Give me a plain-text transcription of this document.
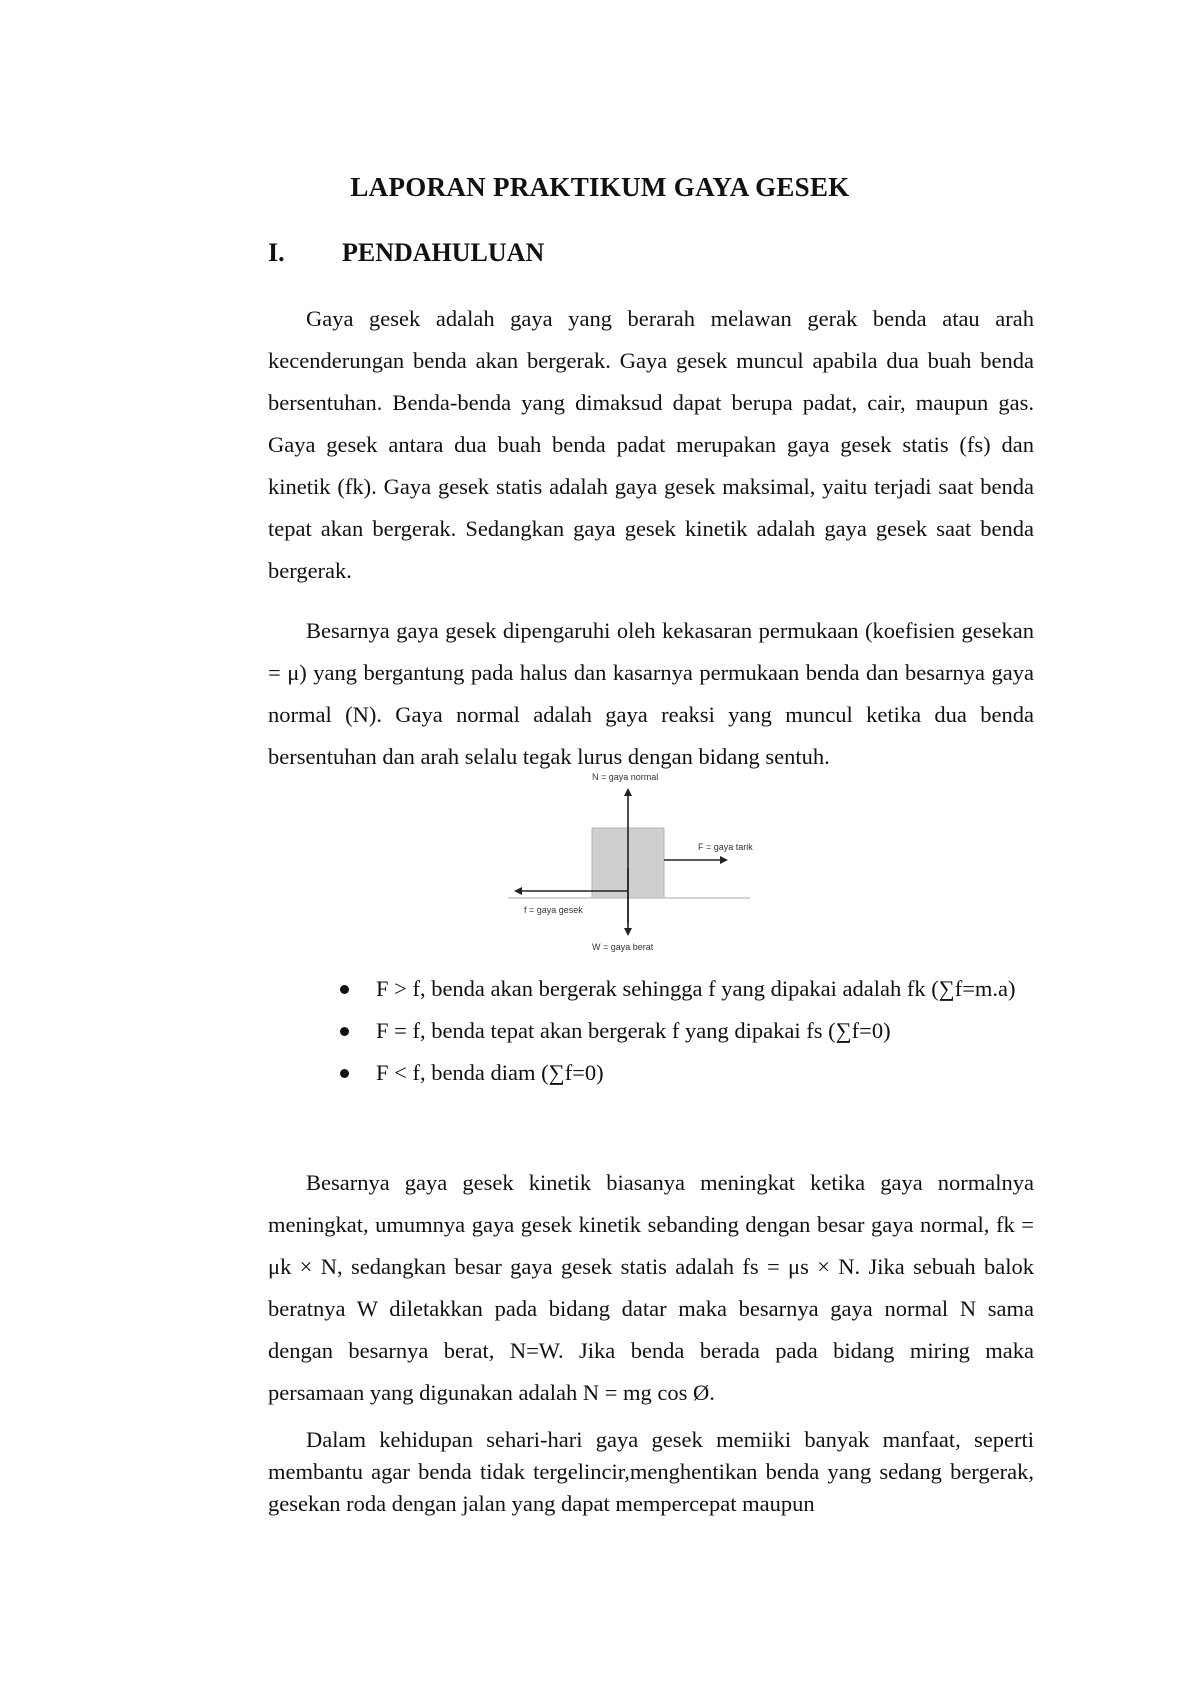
LAPORAN PRAKTIKUM GAYA GESEK
I. PENDAHULUAN

Gaya gesek adalah gaya yang berarah melawan gerak benda atau arah kecenderungan benda akan bergerak. Gaya gesek muncul apabila dua buah benda bersentuhan. Benda-benda yang dimaksud dapat berupa padat, cair, maupun gas. Gaya gesek antara dua buah benda padat merupakan gaya gesek statis (fs) dan kinetik (fk). Gaya gesek statis adalah gaya gesek maksimal, yaitu terjadi saat benda tepat akan bergerak. Sedangkan gaya gesek kinetik adalah gaya gesek saat benda bergerak.

Besarnya gaya gesek dipengaruhi oleh kekasaran permukaan (koefisien gesekan = μ) yang bergantung pada halus dan kasarnya permukaan benda dan besarnya gaya normal (N). Gaya normal adalah gaya reaksi yang muncul ketika dua benda bersentuhan dan arah selalu tegak lurus dengan bidang sentuh.

N = gaya normal
F = gaya tarik
f = gaya gesek
W = gaya berat
F > f, benda akan bergerak sehingga f yang dipakai adalah fk (∑f=m.a)
F = f, benda tepat akan bergerak f yang dipakai fs (∑f=0)
F < f, benda diam (∑f=0)

Besarnya gaya gesek kinetik biasanya meningkat ketika gaya normalnya meningkat, umumnya gaya gesek kinetik sebanding dengan besar gaya normal, fk = μk × N, sedangkan besar gaya gesek statis adalah fs = μs × N. Jika sebuah balok beratnya W diletakkan pada bidang datar maka besarnya gaya normal N sama dengan besarnya berat, N=W. Jika benda berada pada bidang miring maka persamaan yang digunakan adalah N = mg cos Ø.

Dalam kehidupan sehari-hari gaya gesek memiiki banyak manfaat, seperti membantu agar benda tidak tergelincir,menghentikan benda yang sedang bergerak, gesekan roda dengan jalan yang dapat mempercepat maupun
